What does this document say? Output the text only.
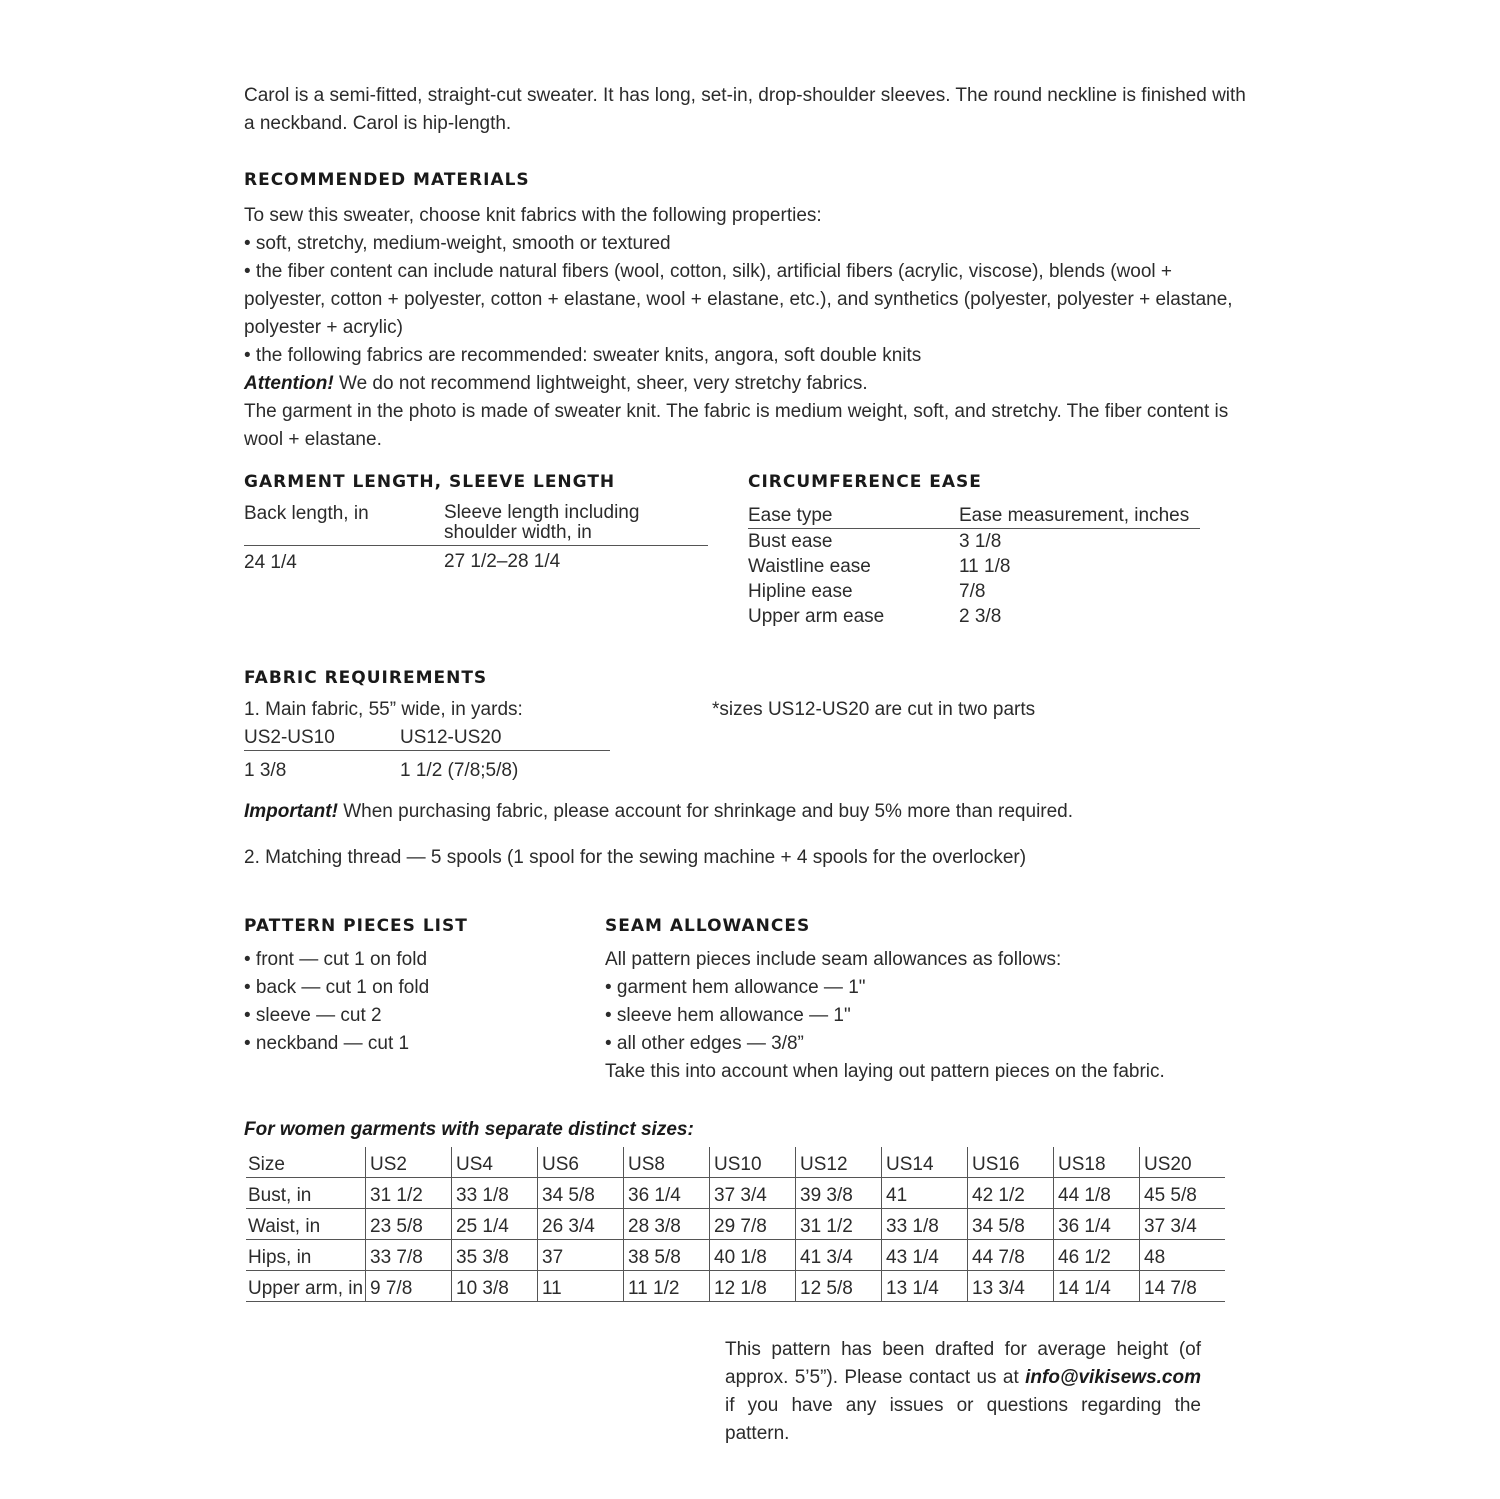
Carol is a semi-fitted, straight-cut sweater. It has long, set-in, drop-shoulder sleeves. The round neckline is finished with a neckband. Carol is hip-length.

RECOMMENDED MATERIALS

To sew this sweater, choose knit fabrics with the following properties:

• soft, stretchy, medium-weight, smooth or textured

• the fiber content can include natural fibers (wool, cotton, silk), artificial fibers (acrylic, viscose), blends (wool + polyester, cotton + polyester, cotton + elastane, wool + elastane, etc.), and synthetics (polyester, polyester + elastane, polyester + acrylic)

• the following fabrics are recommended: sweater knits, angora, soft double knits

Attention! We do not recommend lightweight, sheer, very stretchy fabrics.

The garment in the photo is made of sweater knit. The fabric is medium weight, soft, and stretchy. The fiber content is wool + elastane.

GARMENT LENGTH, SLEEVE LENGTH
Back length, in	Sleeve length including shoulder width, in
24 1/4	27 1/2–28 1/4
CIRCUMFERENCE EASE
Ease type	Ease measurement, inches
Bust ease	3 1/8
Waistline ease	11 1/8
Hipline ease	7/8
Upper arm ease	2 3/8
FABRIC REQUIREMENTS

1. Main fabric, 55” wide, in yards:	*sizes US12-US20 are cut in two parts

US2-US10	US12-US20
1 3/8	1 1/2 (7/8;5/8)

Important! When purchasing fabric, please account for shrinkage and buy 5% more than required.

2. Matching thread — 5 spools (1 spool for the sewing machine + 4 spools for the overlocker)

PATTERN PIECES LIST

• front — cut 1 on fold

• back — cut 1 on fold

• sleeve — cut 2

• neckband — cut 1

SEAM ALLOWANCES

All pattern pieces include seam allowances as follows:

• garment hem allowance — 1"

• sleeve hem allowance — 1"

• all other edges — 3/8”

Take this into account when laying out pattern pieces on the fabric.

For women garments with separate distinct sizes:

Size	US2	US4	US6	US8	US10	US12	US14	US16	US18	US20
Bust, in	31 1/2	33 1/8	34 5/8	36 1/4	37 3/4	39 3/8	41	42 1/2	44 1/8	45 5/8
Waist, in	23 5/8	25 1/4	26 3/4	28 3/8	29 7/8	31 1/2	33 1/8	34 5/8	36 1/4	37 3/4
Hips, in	33 7/8	35 3/8	37	38 5/8	40 1/8	41 3/4	43 1/4	44 7/8	46 1/2	48
Upper arm, in	9 7/8	10 3/8	11	11 1/2	12 1/8	12 5/8	13 1/4	13 3/4	14 1/4	14 7/8

This pattern has been drafted for average height (of approx. 5’5”). Please contact us at info@vikisews.com if you have any issues or questions regarding the pattern.
